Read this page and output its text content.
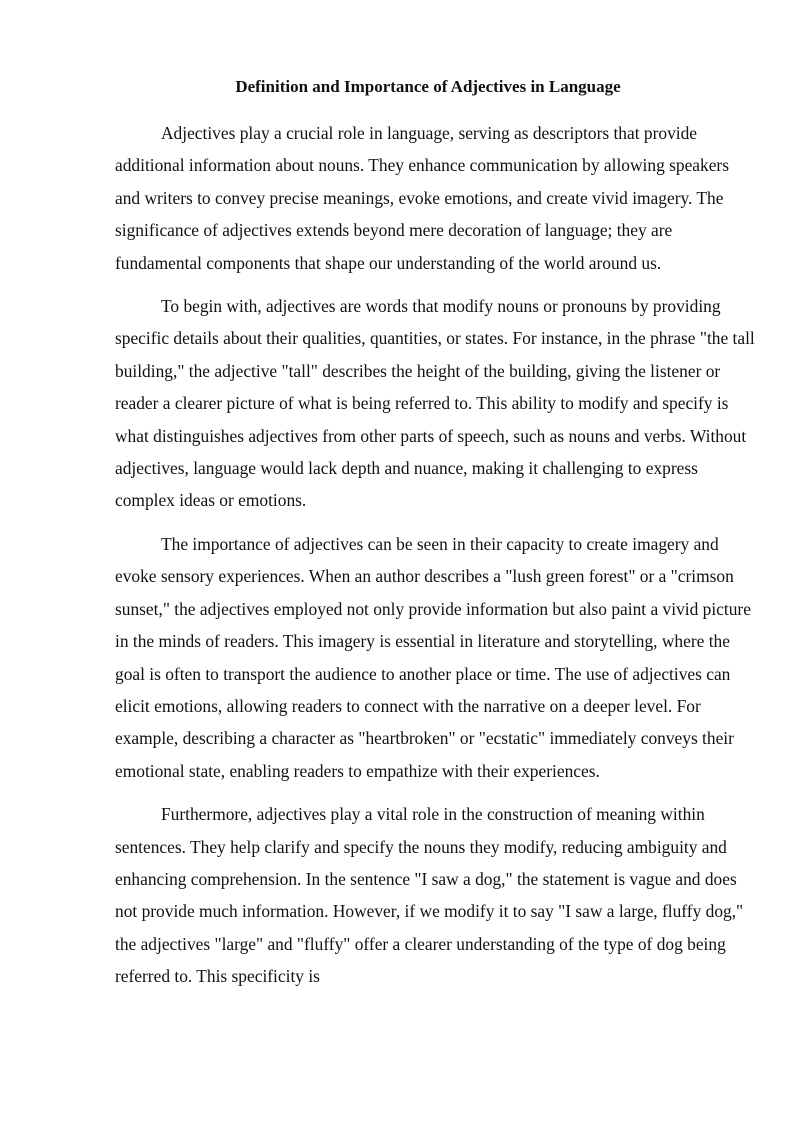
Definition and Importance of Adjectives in Language

Adjectives play a crucial role in language, serving as descriptors that provide additional information about nouns. They enhance communication by allowing speakers and writers to convey precise meanings, evoke emotions, and create vivid imagery. The significance of adjectives extends beyond mere decoration of language; they are fundamental components that shape our understanding of the world around us.

To begin with, adjectives are words that modify nouns or pronouns by providing specific details about their qualities, quantities, or states. For instance, in the phrase "the tall building," the adjective "tall" describes the height of the building, giving the listener or reader a clearer picture of what is being referred to. This ability to modify and specify is what distinguishes adjectives from other parts of speech, such as nouns and verbs. Without adjectives, language would lack depth and nuance, making it challenging to express complex ideas or emotions.

The importance of adjectives can be seen in their capacity to create imagery and evoke sensory experiences. When an author describes a "lush green forest" or a "crimson sunset," the adjectives employed not only provide information but also paint a vivid picture in the minds of readers. This imagery is essential in literature and storytelling, where the goal is often to transport the audience to another place or time. The use of adjectives can elicit emotions, allowing readers to connect with the narrative on a deeper level. For example, describing a character as "heartbroken" or "ecstatic" immediately conveys their emotional state, enabling readers to empathize with their experiences.

Furthermore, adjectives play a vital role in the construction of meaning within sentences. They help clarify and specify the nouns they modify, reducing ambiguity and enhancing comprehension. In the sentence "I saw a dog," the statement is vague and does not provide much information. However, if we modify it to say "I saw a large, fluffy dog," the adjectives "large" and "fluffy" offer a clearer understanding of the type of dog being referred to. This specificity is
